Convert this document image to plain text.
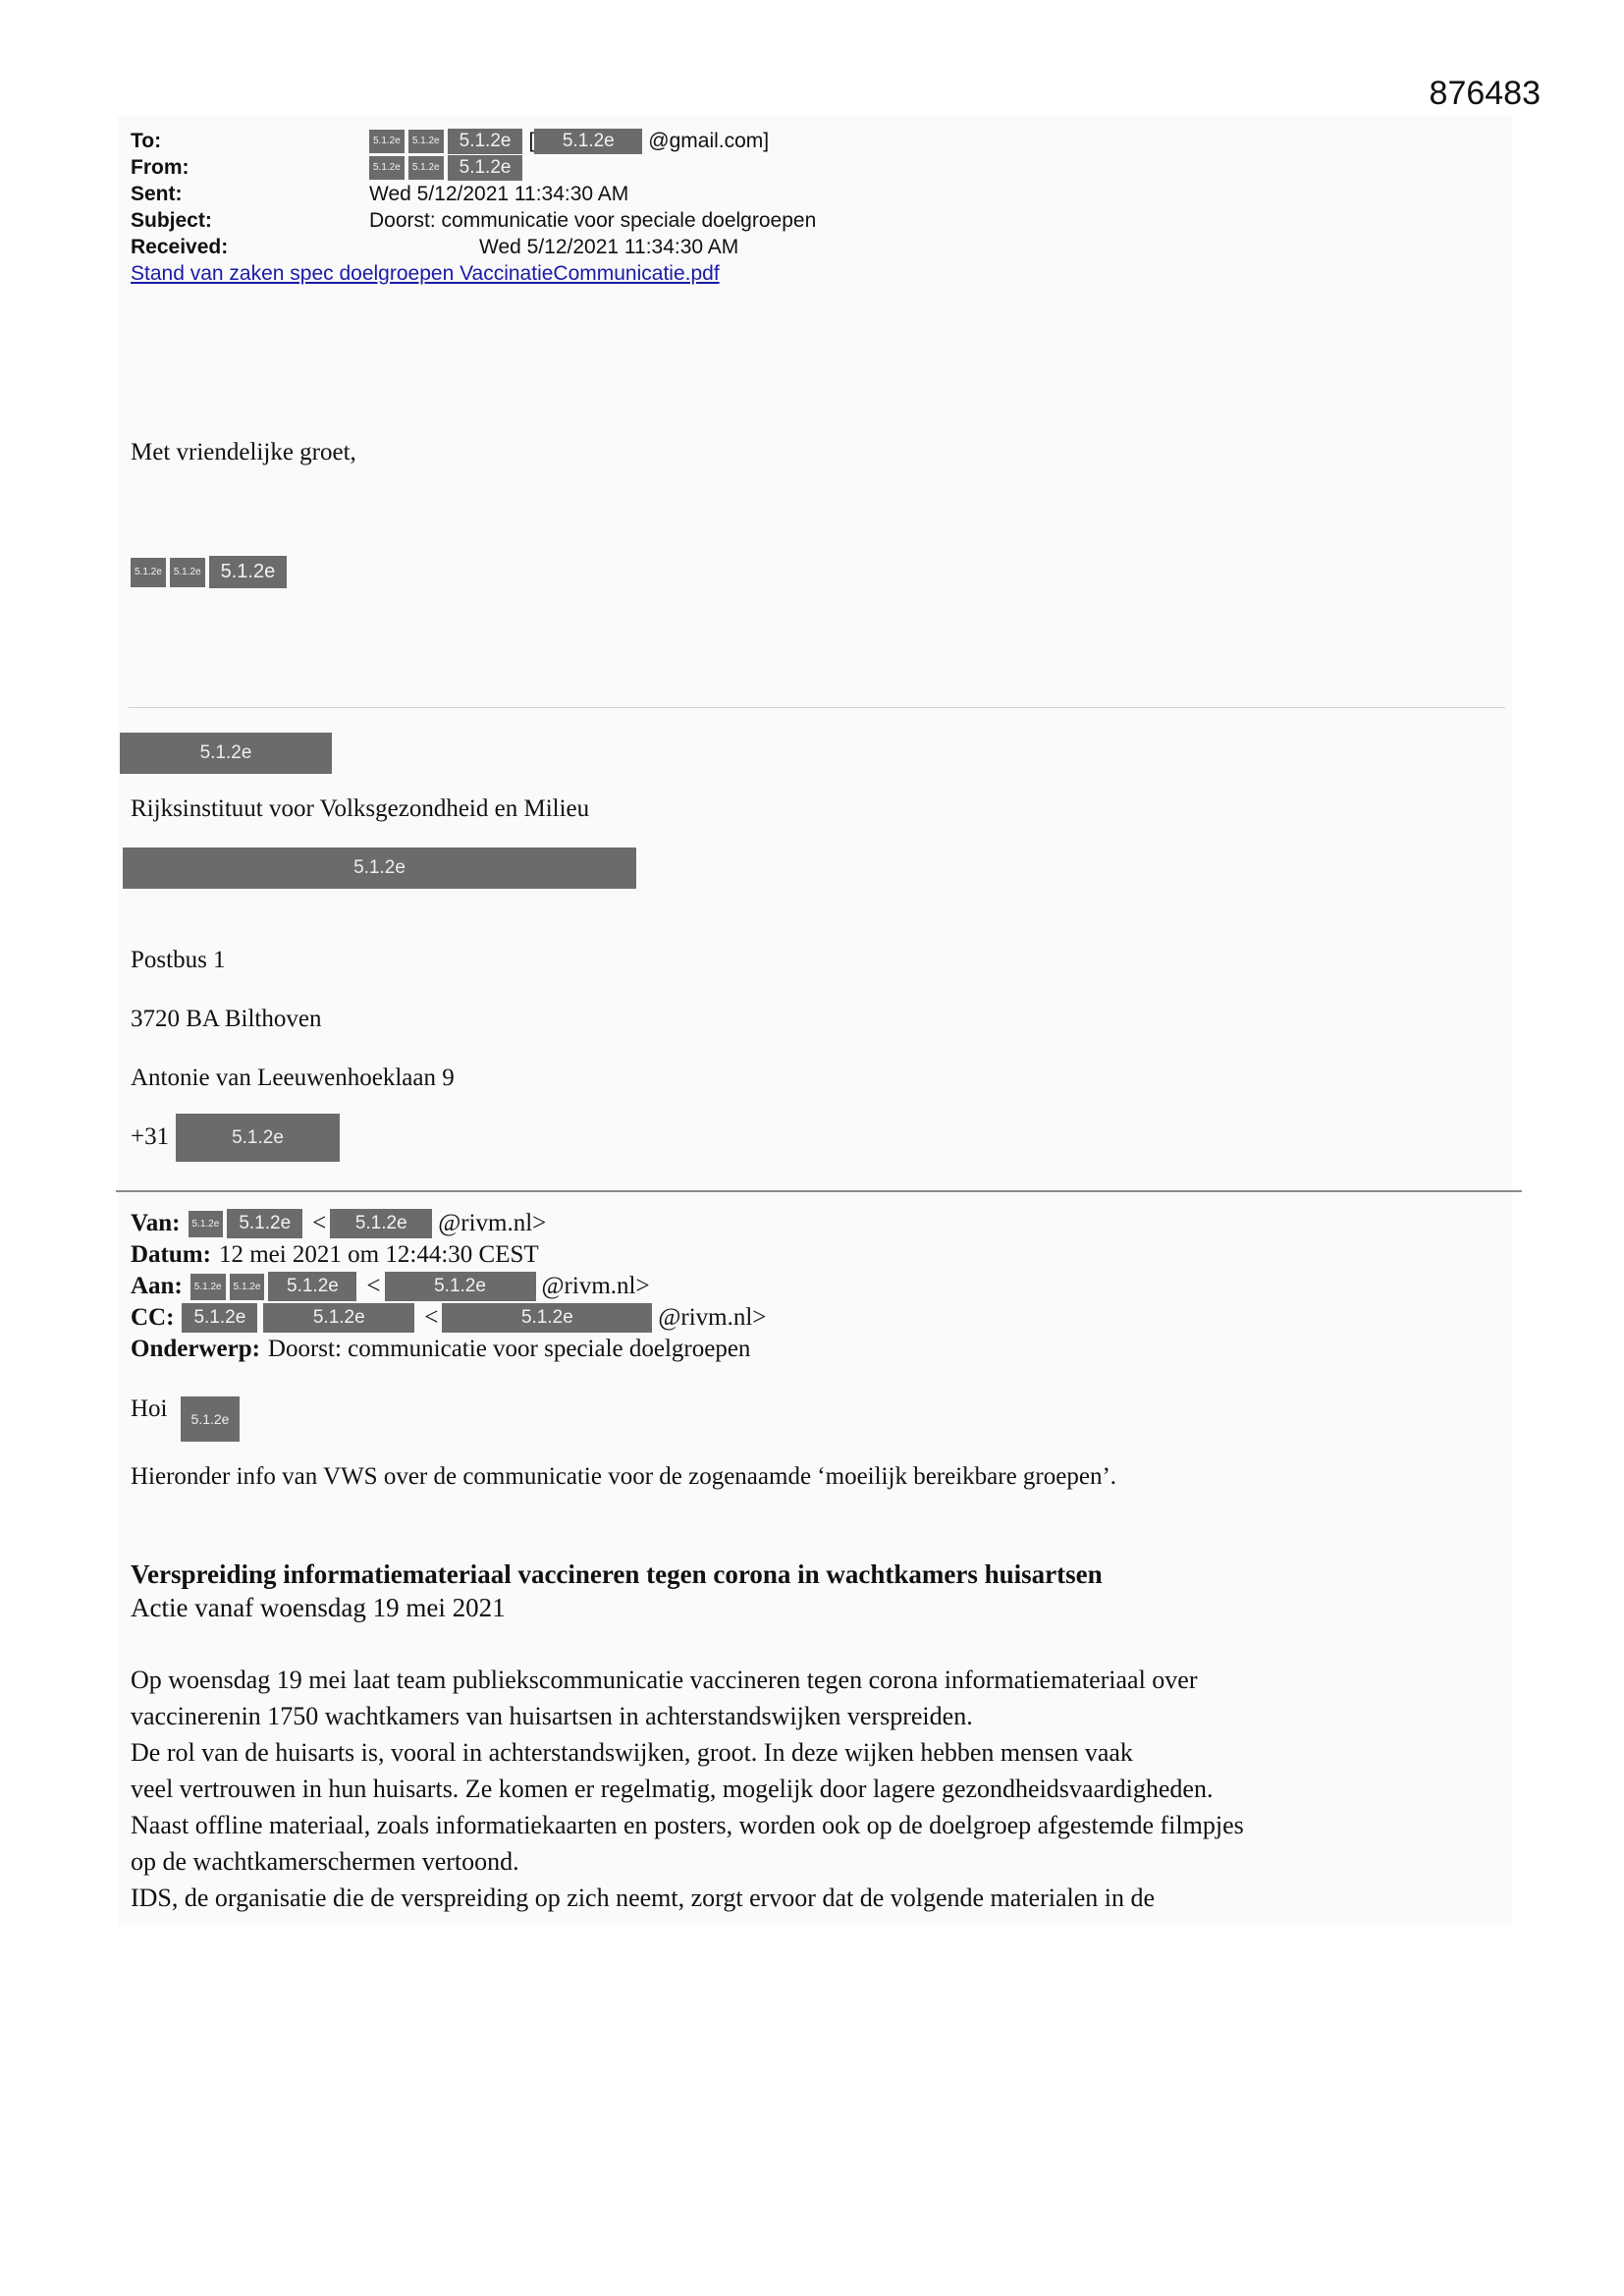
876483
To:	5.1.2e	5.1.2e	5.1.2e [	5.1.2e	@gmail.com]
From:	5.1.2e	5.1.2e	5.1.2e
Sent:	Wed 5/12/2021 11:34:30 AM
Subject:	Doorst: communicatie voor speciale doelgroepen
Received:	Wed 5/12/2021 11:34:30 AM
Stand van zaken spec doelgroepen VaccinatieCommunicatie.pdf
Met vriendelijke groet,
5.1.2e	5.1.2e	5.1.2e
5.1.2e
Rijksinstituut voor Volksgezondheid en Milieu
5.1.2e
Postbus 1
3720 BA Bilthoven
Antonie van Leeuwenhoeklaan 9
+31	5.1.2e
Van:	5.1.2e	5.1.2e <	5.1.2e	@rivm.nl>
Datum: 12 mei 2021 om 12:44:30 CEST
Aan:	5.1.2e	5.1.2e	5.1.2e	<	5.1.2e	@rivm.nl>
CC:	5.1.2e	5.1.2e	<	5.1.2e	@rivm.nl>
Onderwerp: Doorst: communicatie voor speciale doelgroepen
Hoi	5.1.2e
Hieronder info van VWS over de communicatie voor de zogenaamde ‘moeilijk bereikbare groepen’.
Verspreiding informatiemateriaal vaccineren tegen corona in wachtkamers huisartsen
Actie vanaf woensdag 19 mei 2021
Op woensdag 19 mei laat team publiekscommunicatie vaccineren tegen corona informatiemateriaal over
vaccinerenin 1750 wachtkamers van huisartsen in achterstandswijken verspreiden.
De rol van de huisarts is, vooral in achterstandswijken, groot. In deze wijken hebben mensen vaak
veel vertrouwen in hun huisarts. Ze komen er regelmatig, mogelijk door lagere gezondheidsvaardigheden.
Naast offline materiaal, zoals informatiekaarten en posters, worden ook op de doelgroep afgestemde filmpjes
op de wachtkamerschermen vertoond.
IDS, de organisatie die de verspreiding op zich neemt, zorgt ervoor dat de volgende materialen in de
